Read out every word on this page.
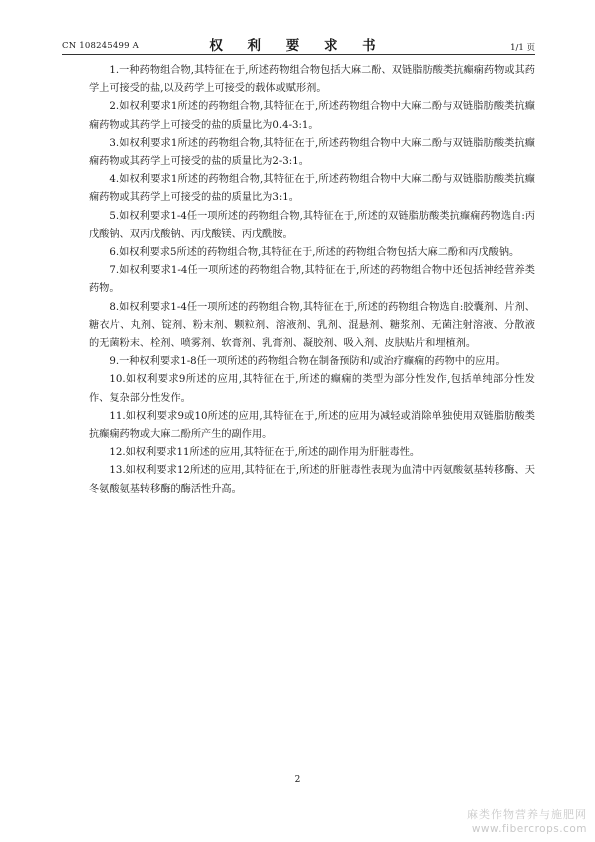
CN 108245499 A	权 利 要 求 书	1/1 页

1.一种药物组合物,其特征在于,所述药物组合物包括大麻二酚、双链脂肪酸类抗癫痫药物或其药学上可接受的盐,以及药学上可接受的载体或赋形剂。

2.如权利要求1所述的药物组合物,其特征在于,所述药物组合物中大麻二酚与双链脂肪酸类抗癫痫药物或其药学上可接受的盐的质量比为0.4-3:1。

3.如权利要求1所述的药物组合物,其特征在于,所述药物组合物中大麻二酚与双链脂肪酸类抗癫痫药物或其药学上可接受的盐的质量比为2-3:1。

4.如权利要求1所述的药物组合物,其特征在于,所述药物组合物中大麻二酚与双链脂肪酸类抗癫痫药物或其药学上可接受的盐的质量比为3:1。

5.如权利要求1-4任一项所述的药物组合物,其特征在于,所述的双链脂肪酸类抗癫痫药物选自:丙戊酸钠、双丙戊酸钠、丙戊酸镁、丙戊酰胺。

6.如权利要求5所述的药物组合物,其特征在于,所述的药物组合物包括大麻二酚和丙戊酸钠。

7.如权利要求1-4任一项所述的药物组合物,其特征在于,所述的药物组合物中还包括神经营养类药物。

8.如权利要求1-4任一项所述的药物组合物,其特征在于,所述的药物组合物选自:胶囊剂、片剂、糖衣片、丸剂、锭剂、粉末剂、颗粒剂、溶液剂、乳剂、混悬剂、糖浆剂、无菌注射溶液、分散液的无菌粉末、栓剂、喷雾剂、软膏剂、乳膏剂、凝胶剂、吸入剂、皮肤贴片和埋植剂。

9.一种权利要求1-8任一项所述的药物组合物在制备预防和/或治疗癫痫的药物中的应用。

10.如权利要求9所述的应用,其特征在于,所述的癫痫的类型为部分性发作,包括单纯部分性发作、复杂部分性发作。

11.如权利要求9或10所述的应用,其特征在于,所述的应用为减轻或消除单独使用双链脂肪酸类抗癫痫药物或大麻二酚所产生的副作用。

12.如权利要求11所述的应用,其特征在于,所述的副作用为肝脏毒性。

13.如权利要求12所述的应用,其特征在于,所述的肝脏毒性表现为血清中丙氨酸氨基转移酶、天冬氨酸氨基转移酶的酶活性升高。

2
麻类作物营养与施肥网
www.fibercrops.com
